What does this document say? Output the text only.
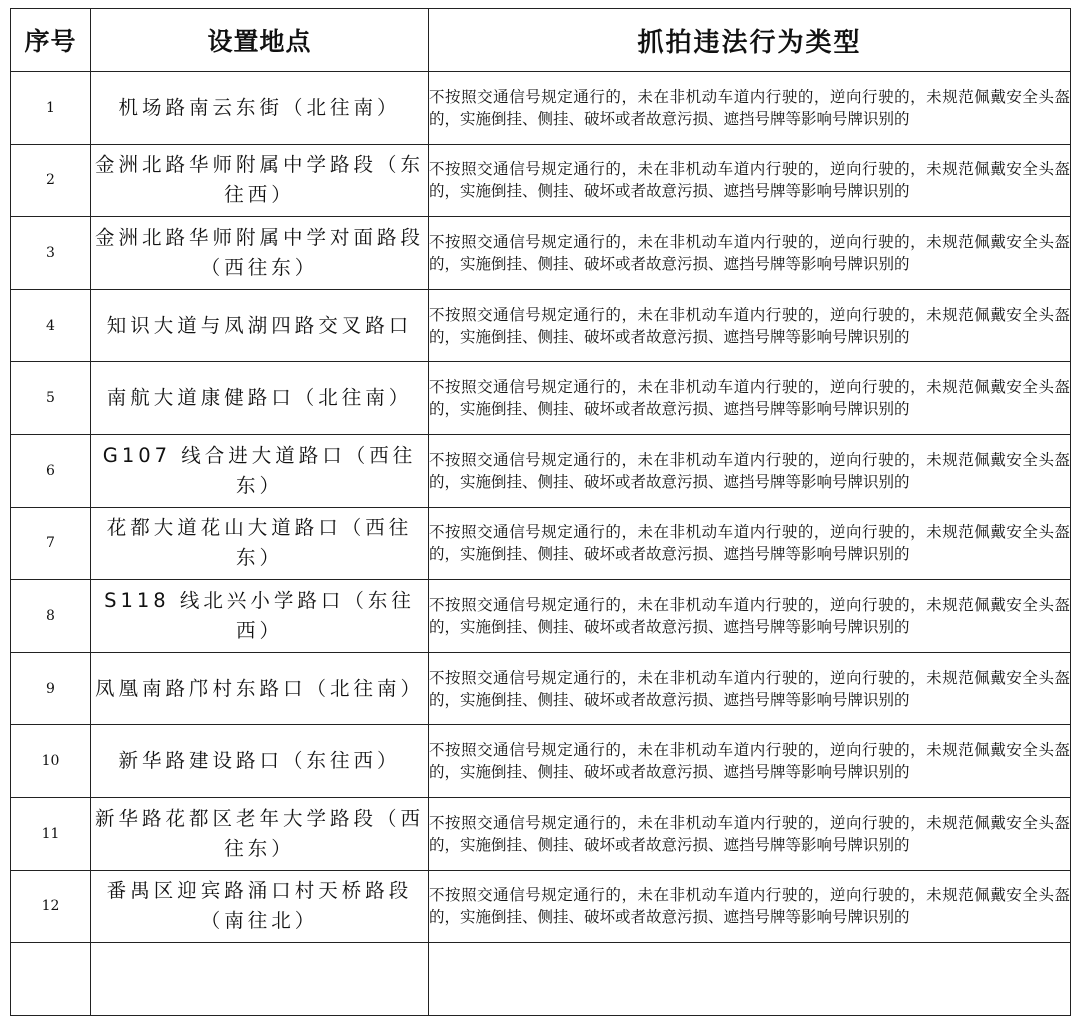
序号	设置地点	抓拍违法行为类型
1	机场路南云东街（北往南）	不按照交通信号规定通行的，未在非机动车道内行驶的，逆向行驶的，未规范佩戴安全头盔的，实施倒挂、侧挂、破坏或者故意污损、遮挡号牌等影响号牌识别的
2	金洲北路华师附属中学路段（东往西）	不按照交通信号规定通行的，未在非机动车道内行驶的，逆向行驶的，未规范佩戴安全头盔的，实施倒挂、侧挂、破坏或者故意污损、遮挡号牌等影响号牌识别的
3	金洲北路华师附属中学对面路段（西往东）	不按照交通信号规定通行的，未在非机动车道内行驶的，逆向行驶的，未规范佩戴安全头盔的，实施倒挂、侧挂、破坏或者故意污损、遮挡号牌等影响号牌识别的
4	知识大道与凤湖四路交叉路口	不按照交通信号规定通行的，未在非机动车道内行驶的，逆向行驶的，未规范佩戴安全头盔的，实施倒挂、侧挂、破坏或者故意污损、遮挡号牌等影响号牌识别的
5	南航大道康健路口（北往南）	不按照交通信号规定通行的，未在非机动车道内行驶的，逆向行驶的，未规范佩戴安全头盔的，实施倒挂、侧挂、破坏或者故意污损、遮挡号牌等影响号牌识别的
6	G107 线合进大道路口（西往东）	不按照交通信号规定通行的，未在非机动车道内行驶的，逆向行驶的，未规范佩戴安全头盔的，实施倒挂、侧挂、破坏或者故意污损、遮挡号牌等影响号牌识别的
7	花都大道花山大道路口（西往东）	不按照交通信号规定通行的，未在非机动车道内行驶的，逆向行驶的，未规范佩戴安全头盔的，实施倒挂、侧挂、破坏或者故意污损、遮挡号牌等影响号牌识别的
8	S118 线北兴小学路口（东往西）	不按照交通信号规定通行的，未在非机动车道内行驶的，逆向行驶的，未规范佩戴安全头盔的，实施倒挂、侧挂、破坏或者故意污损、遮挡号牌等影响号牌识别的
9	凤凰南路邝村东路口（北往南）	不按照交通信号规定通行的，未在非机动车道内行驶的，逆向行驶的，未规范佩戴安全头盔的，实施倒挂、侧挂、破坏或者故意污损、遮挡号牌等影响号牌识别的
10	新华路建设路口（东往西）	不按照交通信号规定通行的，未在非机动车道内行驶的，逆向行驶的，未规范佩戴安全头盔的，实施倒挂、侧挂、破坏或者故意污损、遮挡号牌等影响号牌识别的
11	新华路花都区老年大学路段（西往东）	不按照交通信号规定通行的，未在非机动车道内行驶的，逆向行驶的，未规范佩戴安全头盔的，实施倒挂、侧挂、破坏或者故意污损、遮挡号牌等影响号牌识别的
12	番禺区迎宾路涌口村天桥路段（南往北）	不按照交通信号规定通行的，未在非机动车道内行驶的，逆向行驶的，未规范佩戴安全头盔的，实施倒挂、侧挂、破坏或者故意污损、遮挡号牌等影响号牌识别的
